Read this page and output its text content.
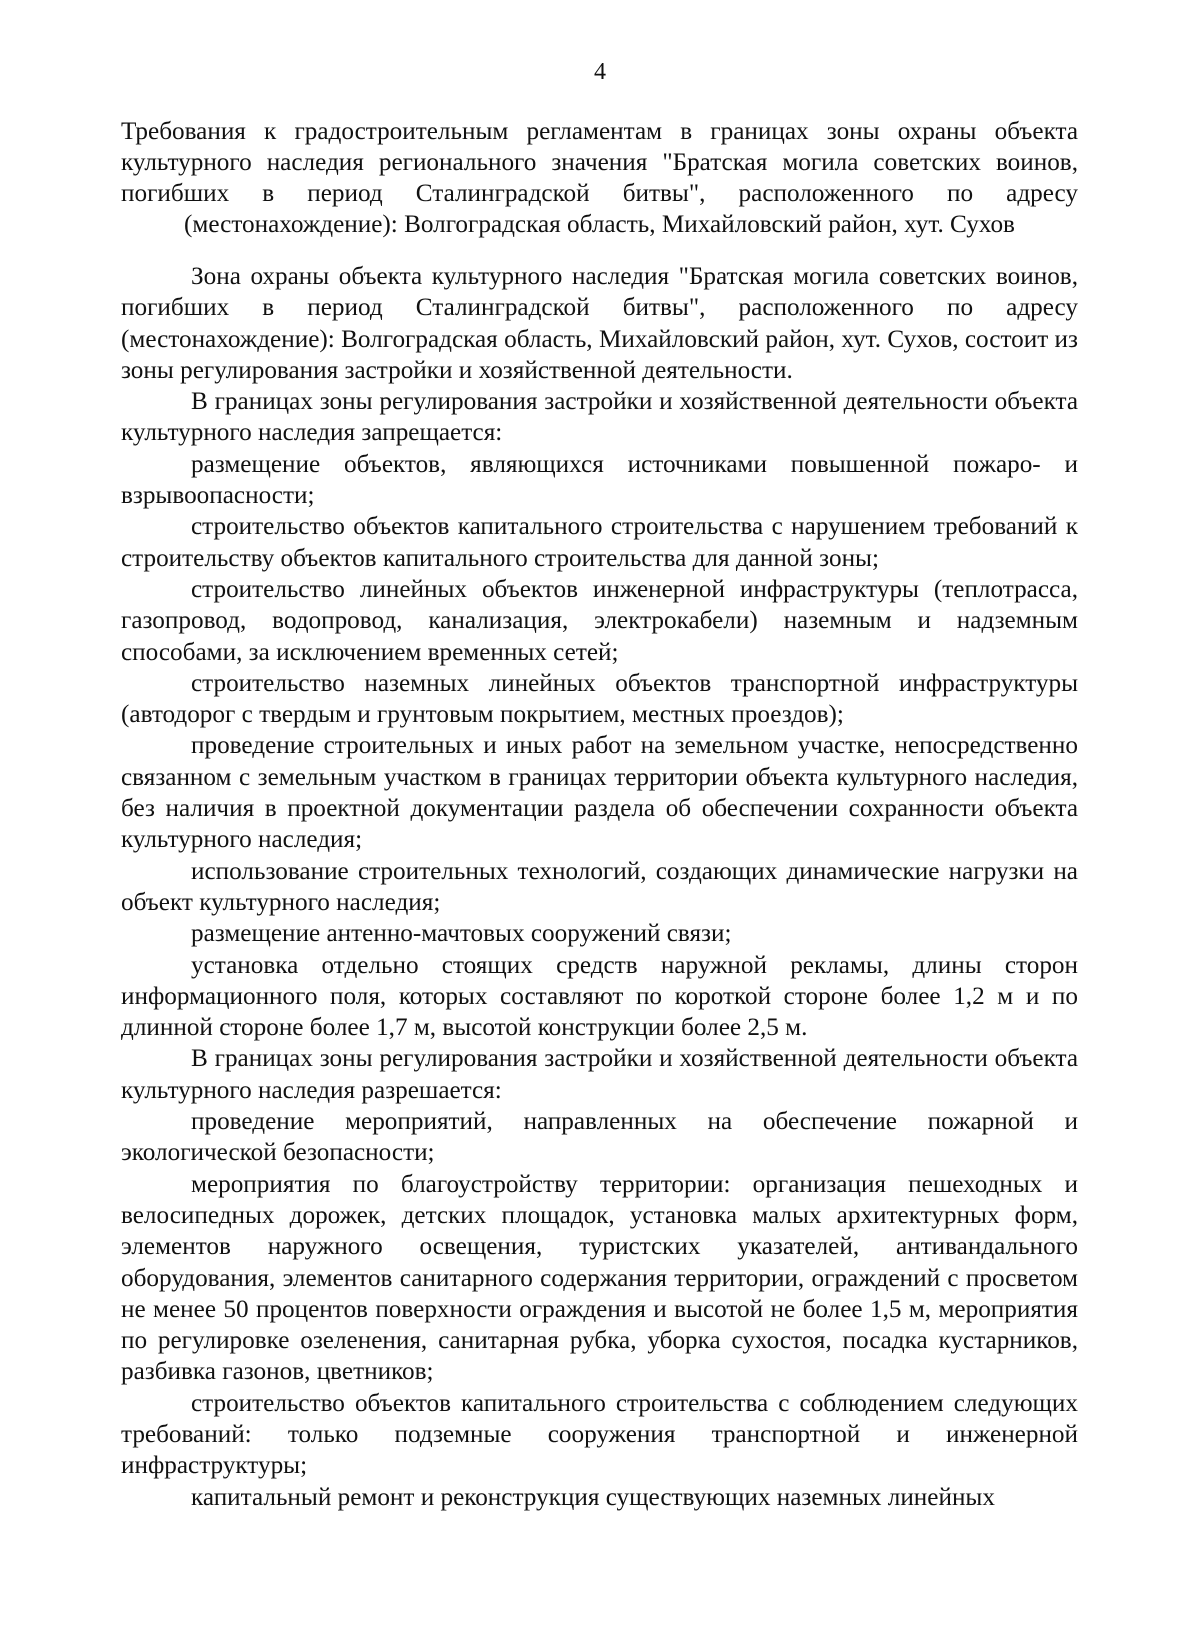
4
Требования к градостроительным регламентам в границах зоны охраны объекта культурного наследия регионального значения "Братская могила советских воинов, погибших в период Сталинградской битвы", расположенного по адресу (местонахождение): Волгоградская область, Михайловский район, хут. Сухов

Зона охраны объекта культурного наследия "Братская могила советских воинов, погибших в период Сталинградской битвы", расположенного по адресу (местонахождение): Волгоградская область, Михайловский район, хут. Сухов, состоит из зоны регулирования застройки и хозяйственной деятельности.

В границах зоны регулирования застройки и хозяйственной деятельности объекта культурного наследия запрещается:

размещение объектов, являющихся источниками повышенной пожаро- и взрывоопасности;

строительство объектов капитального строительства с нарушением требований к строительству объектов капитального строительства для данной зоны;

строительство линейных объектов инженерной инфраструктуры (теплотрасса, газопровод, водопровод, канализация, электрокабели) наземным и надземным способами, за исключением временных сетей;

строительство наземных линейных объектов транспортной инфраструктуры (автодорог с твердым и грунтовым покрытием, местных проездов);

проведение строительных и иных работ на земельном участке, непосредственно связанном с земельным участком в границах территории объекта культурного наследия, без наличия в проектной документации раздела об обеспечении сохранности объекта культурного наследия;

использование строительных технологий, создающих динамические нагрузки на объект культурного наследия;

размещение антенно-мачтовых сооружений связи;

установка отдельно стоящих средств наружной рекламы, длины сторон информационного поля, которых составляют по короткой стороне более 1,2 м и по длинной стороне более 1,7 м, высотой конструкции более 2,5 м.

В границах зоны регулирования застройки и хозяйственной деятельности объекта культурного наследия разрешается:

проведение мероприятий, направленных на обеспечение пожарной и экологической безопасности;

мероприятия по благоустройству территории: организация пешеходных и велосипедных дорожек, детских площадок, установка малых архитектурных форм, элементов наружного освещения, туристских указателей, антивандального оборудования, элементов санитарного содержания территории, ограждений с просветом не менее 50 процентов поверхности ограждения и высотой не более 1,5 м, мероприятия по регулировке озеленения, санитарная рубка, уборка сухостоя, посадка кустарников, разбивка газонов, цветников;

строительство объектов капитального строительства с соблюдением следующих требований: только подземные сооружения транспортной и инженерной инфраструктуры;

капитальный ремонт и реконструкция существующих наземных линейных
